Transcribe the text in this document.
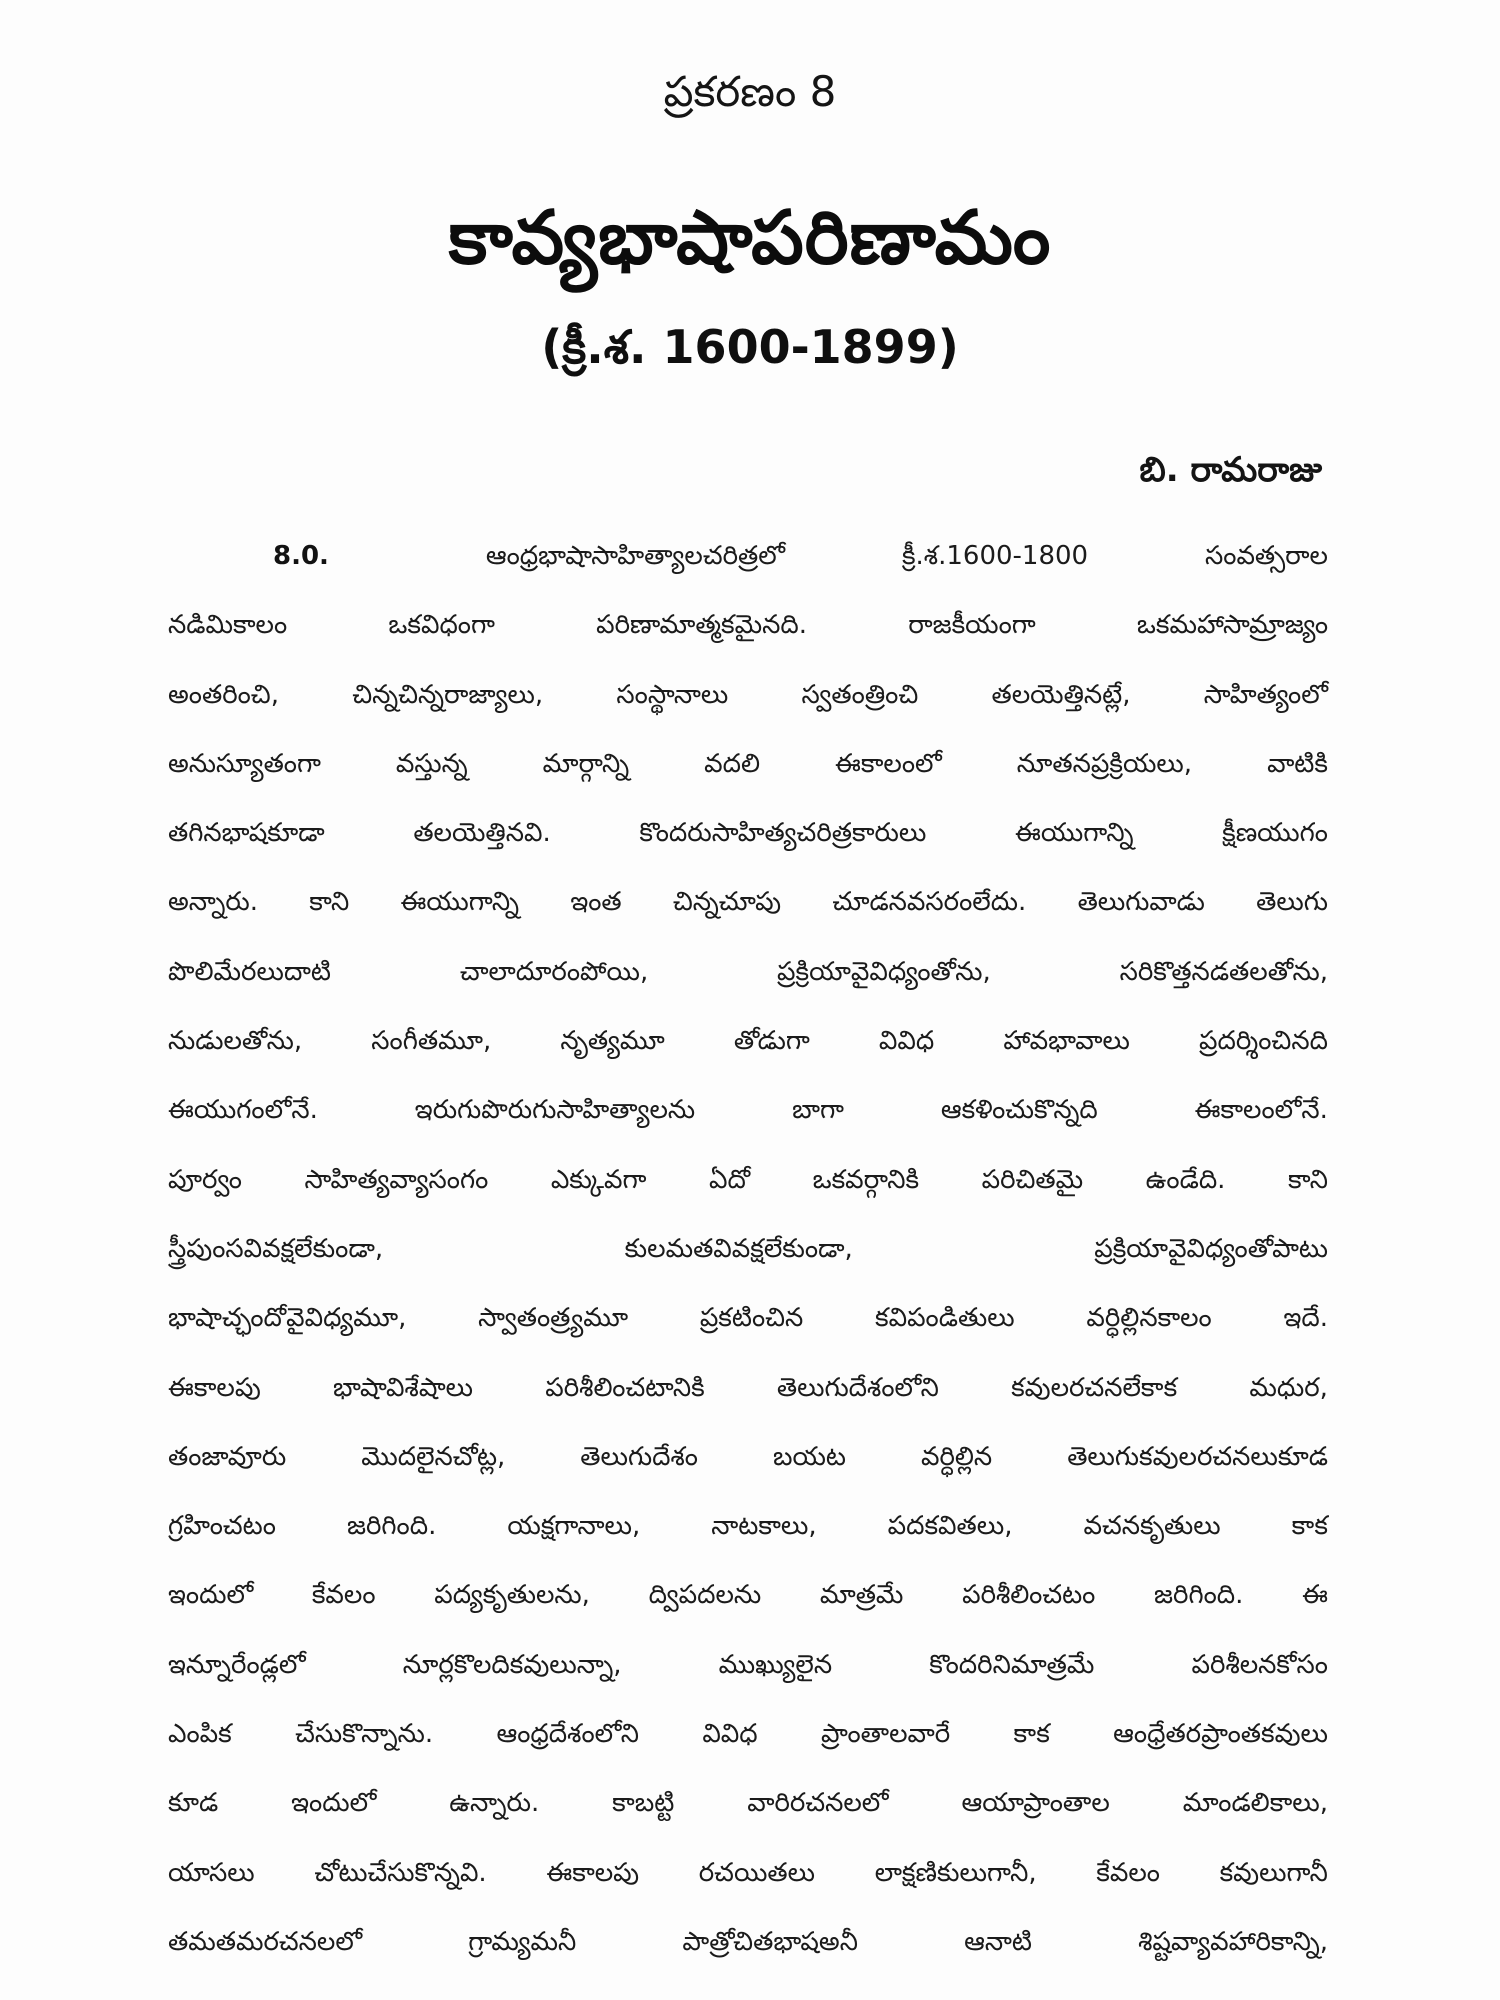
ప్రకరణం 8
కావ్యభాషాపరిణామం
(క్రీ.శ. 1600-1899)
బి. రామరాజు
8.0.	ఆంధ్రభాషాసాహిత్యాలచరిత్రలో	క్రీ.శ.1600-1800	సంవత్సరాల
నడిమికాలం	ఒకవిధంగా	పరిణామాత్మకమైనది.	రాజకీయంగా	ఒకమహాసామ్రాజ్యం
అంతరించి,	చిన్నచిన్నరాజ్యాలు,	సంస్థానాలు	స్వతంత్రించి	తలయెత్తినట్లే,	సాహిత్యంలో
అనుస్యూతంగా	వస్తున్న	మార్గాన్ని	వదలి	ఈకాలంలో	నూతనప్రక్రియలు,	వాటికి
తగినభాషకూడా	తలయెత్తినవి.	కొందరుసాహిత్యచరిత్రకారులు	ఈయుగాన్ని	క్షీణయుగం
అన్నారు. కాని ఈయుగాన్ని ఇంత చిన్నచూపు చూడనవసరంలేదు. తెలుగువాడు తెలుగు
పొలిమేరలుదాటి	చాలాదూరంపోయి,	ప్రక్రియావైవిధ్యంతోను,	సరికొత్తనడతలతోను,
నుడులతోను,	సంగీతమూ,	నృత్యమూ	తోడుగా	వివిధ	హావభావాలు	ప్రదర్శించినది
ఈయుగంలోనే.	ఇరుగుపొరుగుసాహిత్యాలను	బాగా	ఆకళించుకొన్నది	ఈకాలంలోనే.
పూర్వం సాహిత్యవ్యాసంగం ఎక్కువగా ఏదో ఒకవర్గానికి పరిచితమై ఉండేది. కాని
స్త్రీపుంసవివక్షలేకుండా,	కులమతవివక్షలేకుండా,	ప్రక్రియావైవిధ్యంతోపాటు
భాషాచ్ఛందోవైవిధ్యమూ,	స్వాతంత్ర్యమూ	ప్రకటించిన	కవిపండితులు	వర్ధిల్లినకాలం	ఇదే.
ఈకాలపు	భాషావిశేషాలు	పరిశీలించటానికి	తెలుగుదేశంలోని	కవులరచనలేకాక	మధుర,
తంజావూరు	మొదలైనచోట్ల,	తెలుగుదేశం	బయట	వర్ధిల్లిన	తెలుగుకవులరచనలుకూడ
గ్రహించటం	జరిగింది.	యక్షగానాలు,	నాటకాలు,	పదకవితలు,	వచనకృతులు	కాక
ఇందులో కేవలం పద్యకృతులను, ద్విపదలను మాత్రమే పరిశీలించటం జరిగింది. ఈ
ఇన్నూరేండ్లలో	నూర్లకొలదికవులున్నా,	ముఖ్యులైన	కొందరినిమాత్రమే	పరిశీలనకోసం
ఎంపిక చేసుకొన్నాను. ఆంధ్రదేశంలోని వివిధ ప్రాంతాలవారే కాక ఆంధ్రేతరప్రాంతకవులు
కూడ	ఇందులో	ఉన్నారు.	కాబట్టి	వారిరచనలలో	ఆయాప్రాంతాల	మాండలికాలు,
యాసలు చోటుచేసుకొన్నవి. ఈకాలపు రచయితలు లాక్షణికులుగానీ, కేవలం కవులుగానీ
తమతమరచనలలో	గ్రామ్యమనీ	పాత్రోచితభాషఅనీ	ఆనాటి	శిష్టవ్యావహారికాన్ని,
